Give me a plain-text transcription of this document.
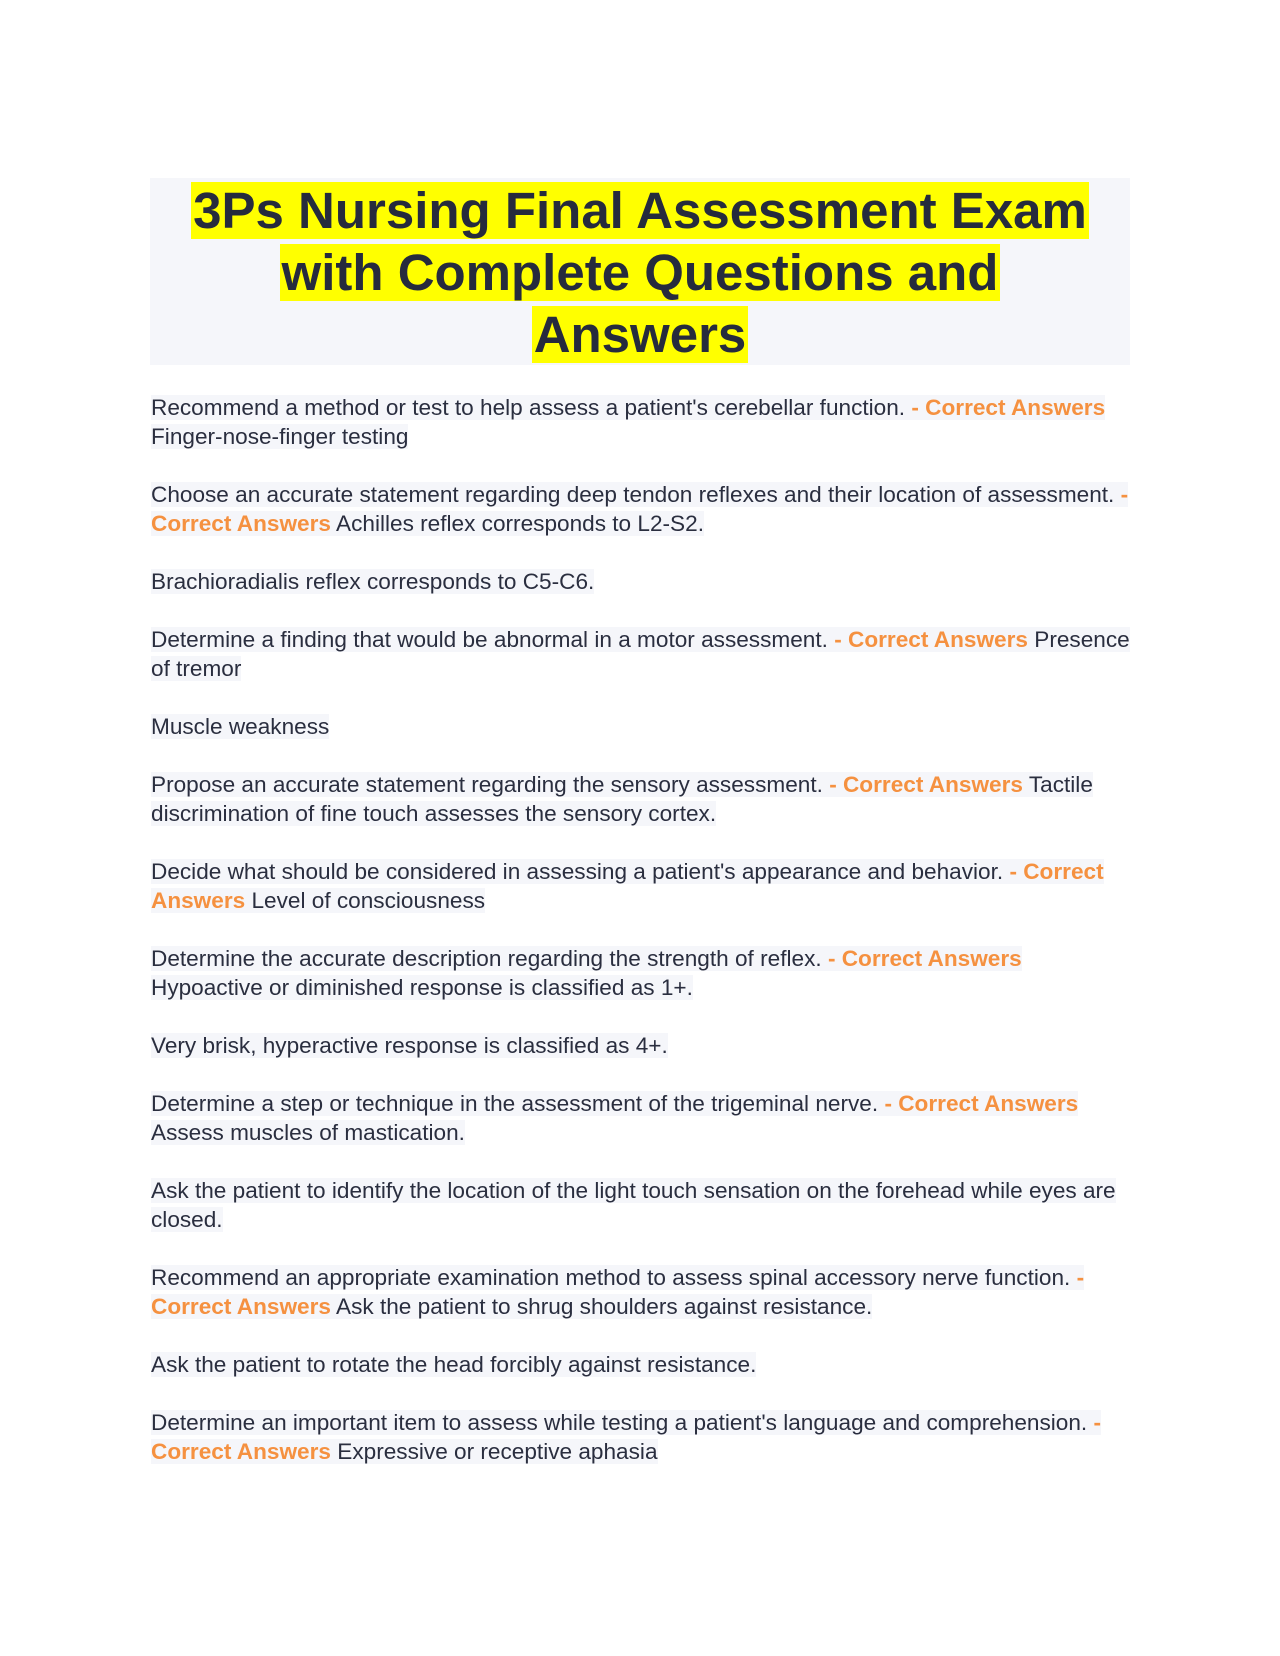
3Ps Nursing Final Assessment Exam
with Complete Questions and
Answers

Recommend a method or test to help assess a patient's cerebellar function. - Correct Answers Finger-nose-finger testing

Choose an accurate statement regarding deep tendon reflexes and their location of assessment. - Correct Answers Achilles reflex corresponds to L2-S2.

Brachioradialis reflex corresponds to C5-C6.

Determine a finding that would be abnormal in a motor assessment. - Correct Answers Presence of tremor

Muscle weakness

Propose an accurate statement regarding the sensory assessment. - Correct Answers Tactile discrimination of fine touch assesses the sensory cortex.

Decide what should be considered in assessing a patient's appearance and behavior. - Correct Answers Level of consciousness

Determine the accurate description regarding the strength of reflex. - Correct Answers Hypoactive or diminished response is classified as 1+.

Very brisk, hyperactive response is classified as 4+.

Determine a step or technique in the assessment of the trigeminal nerve. - Correct Answers Assess muscles of mastication.

Ask the patient to identify the location of the light touch sensation on the forehead while eyes are closed.

Recommend an appropriate examination method to assess spinal accessory nerve function. - Correct Answers Ask the patient to shrug shoulders against resistance.

Ask the patient to rotate the head forcibly against resistance.

Determine an important item to assess while testing a patient's language and comprehension. - Correct Answers Expressive or receptive aphasia
